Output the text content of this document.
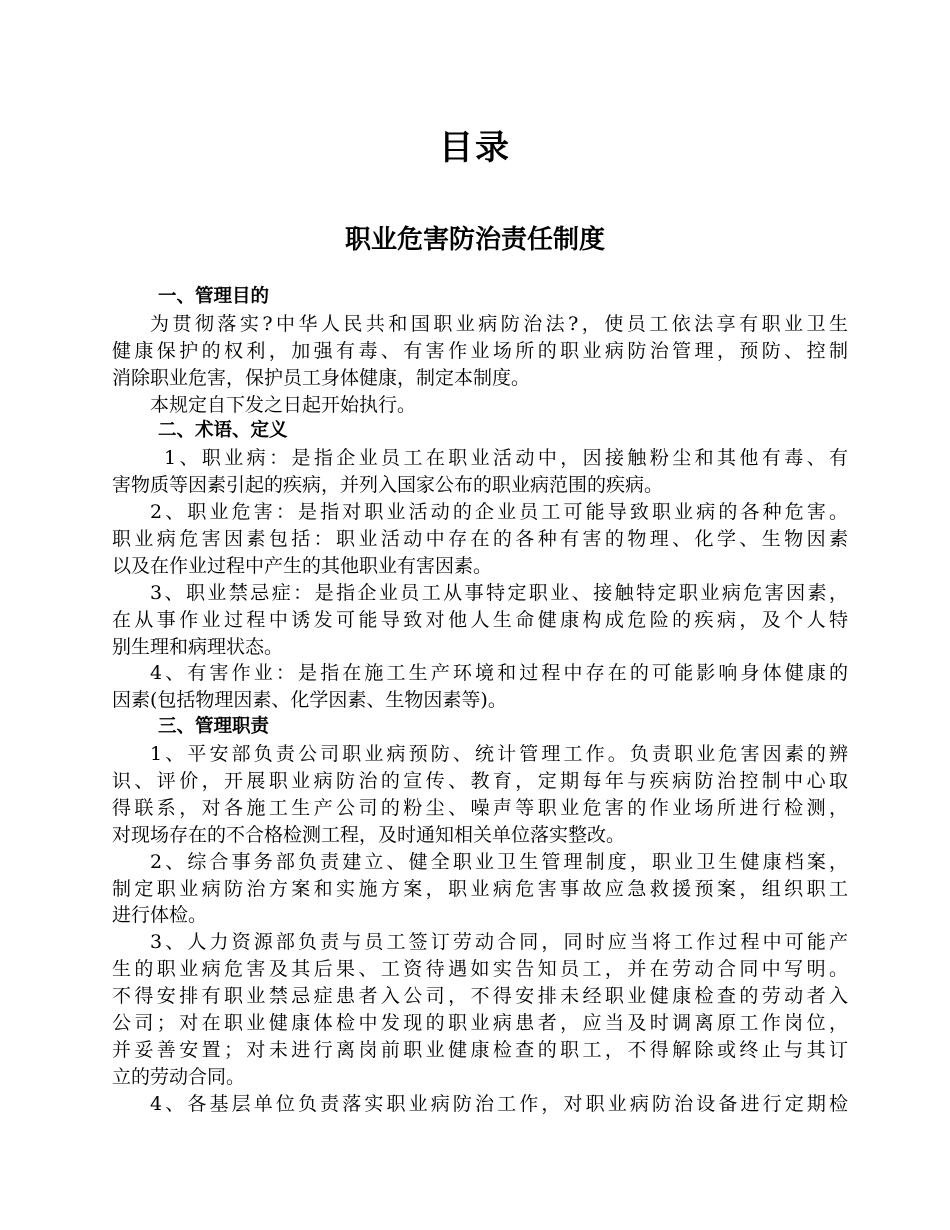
目录
职业危害防治责任制度
一、管理目的
为贯彻落实?中华人民共和国职业病防治法?，使员工依法享有职业卫生
健康保护的权利，加强有毒、有害作业场所的职业病防治管理，预防、控制
消除职业危害，保护员工身体健康，制定本制度。
本规定自下发之日起开始执行。
二、术语、定义
1、职业病：是指企业员工在职业活动中，因接触粉尘和其他有毒、有
害物质等因素引起的疾病，并列入国家公布的职业病范围的疾病。
2、职业危害：是指对职业活动的企业员工可能导致职业病的各种危害。
职业病危害因素包括：职业活动中存在的各种有害的物理、化学、生物因素
以及在作业过程中产生的其他职业有害因素。
3、职业禁忌症：是指企业员工从事特定职业、接触特定职业病危害因素，
在从事作业过程中诱发可能导致对他人生命健康构成危险的疾病，及个人特
别生理和病理状态。
4、有害作业：是指在施工生产环境和过程中存在的可能影响身体健康的
因素(包括物理因素、化学因素、生物因素等)。
三、管理职责
1、平安部负责公司职业病预防、统计管理工作。负责职业危害因素的辨
识、评价，开展职业病防治的宣传、教育，定期每年与疾病防治控制中心取
得联系，对各施工生产公司的粉尘、噪声等职业危害的作业场所进行检测，
对现场存在的不合格检测工程，及时通知相关单位落实整改。
2、综合事务部负责建立、健全职业卫生管理制度，职业卫生健康档案，
制定职业病防治方案和实施方案，职业病危害事故应急救援预案，组织职工
进行体检。
3、人力资源部负责与员工签订劳动合同，同时应当将工作过程中可能产
生的职业病危害及其后果、工资待遇如实告知员工，并在劳动合同中写明。
不得安排有职业禁忌症患者入公司，不得安排未经职业健康检查的劳动者入
公司；对在职业健康体检中发现的职业病患者，应当及时调离原工作岗位，
并妥善安置；对未进行离岗前职业健康检查的职工，不得解除或终止与其订
立的劳动合同。
4、各基层单位负责落实职业病防治工作，对职业病防治设备进行定期检
